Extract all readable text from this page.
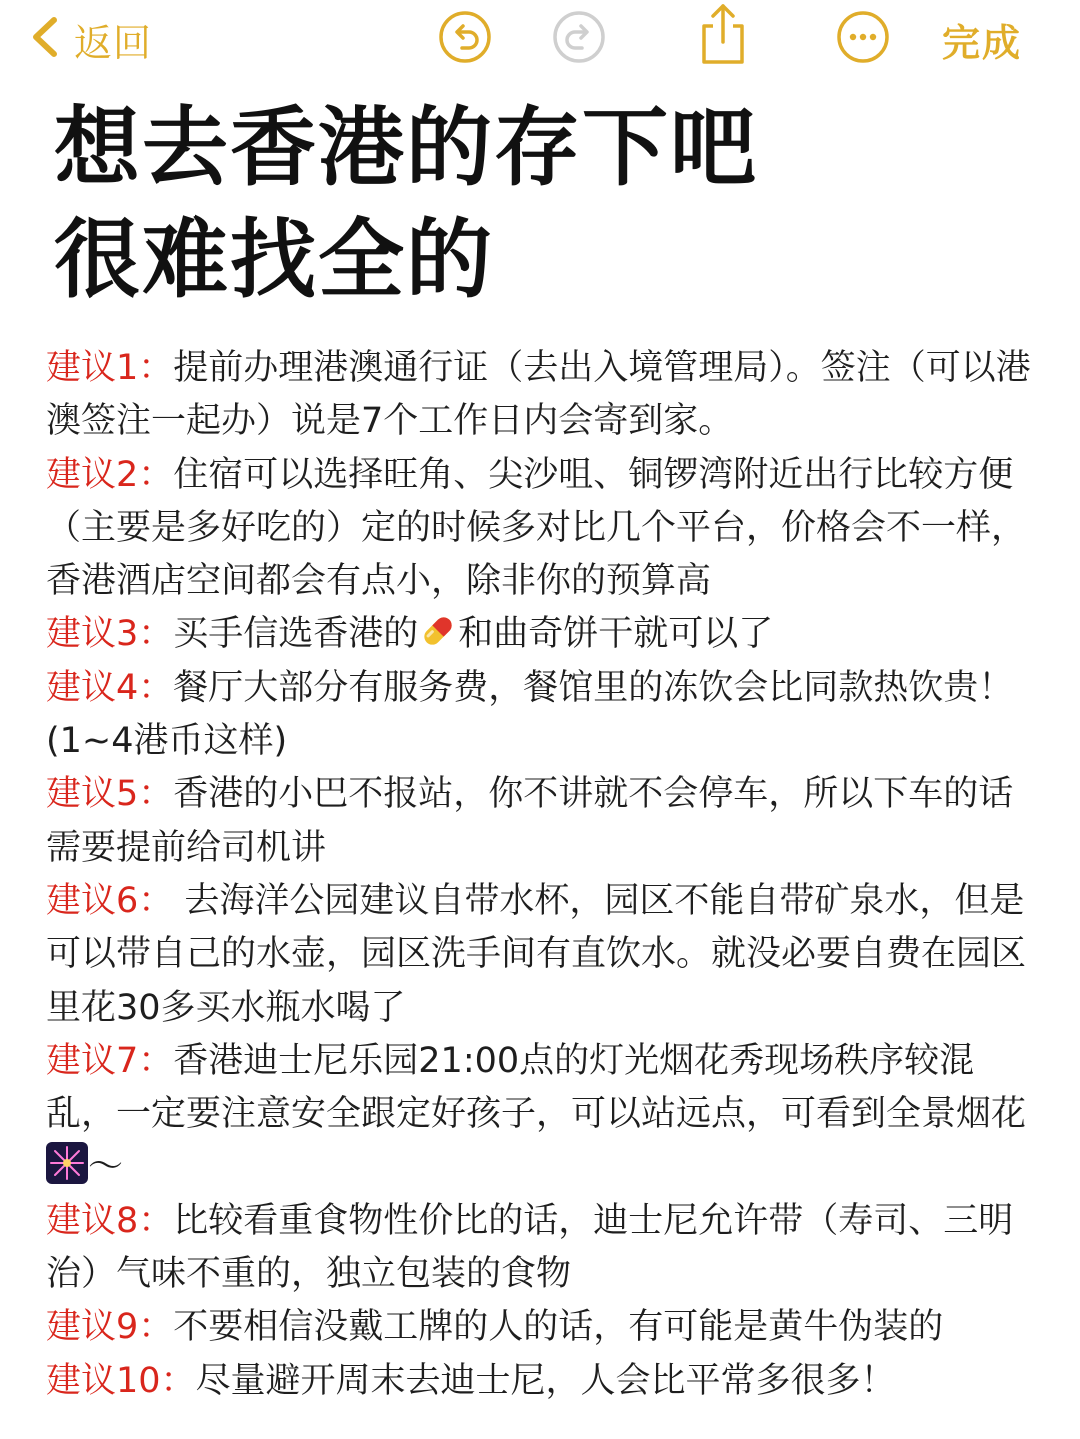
返回	完成
想去香港的存下吧
很难找全的

建议1：提前办理港澳通行证（去出入境管理局）。签注（可以港澳签注一起办）说是7个工作日内会寄到家。

建议2：住宿可以选择旺角、尖沙咀、铜锣湾附近出行比较方便（主要是多好吃的）定的时候多对比几个平台，价格会不一样，香港酒店空间都会有点小，除非你的预算高

建议3：买手信选香港的 和曲奇饼干就可以了

建议4：餐厅大部分有服务费，餐馆里的冻饮会比同款热饮贵！(1~4港币这样)

建议5：香港的小巴不报站，你不讲就不会停车，所以下车的话需要提前给司机讲

建议6： 去海洋公园建议自带水杯，园区不能自带矿泉水，但是可以带自己的水壶，园区洗手间有直饮水。就没必要自费在园区里花30多买水瓶水喝了

建议7：香港迪士尼乐园21:00点的灯光烟花秀现场秩序较混乱，一定要注意安全跟定好孩子，可以站远点，可看到全景烟花～

建议8：比较看重食物性价比的话，迪士尼允许带（寿司、三明治）气味不重的，独立包装的食物

建议9：不要相信没戴工牌的人的话，有可能是黄牛伪装的

建议10：尽量避开周末去迪士尼，人会比平常多很多！
